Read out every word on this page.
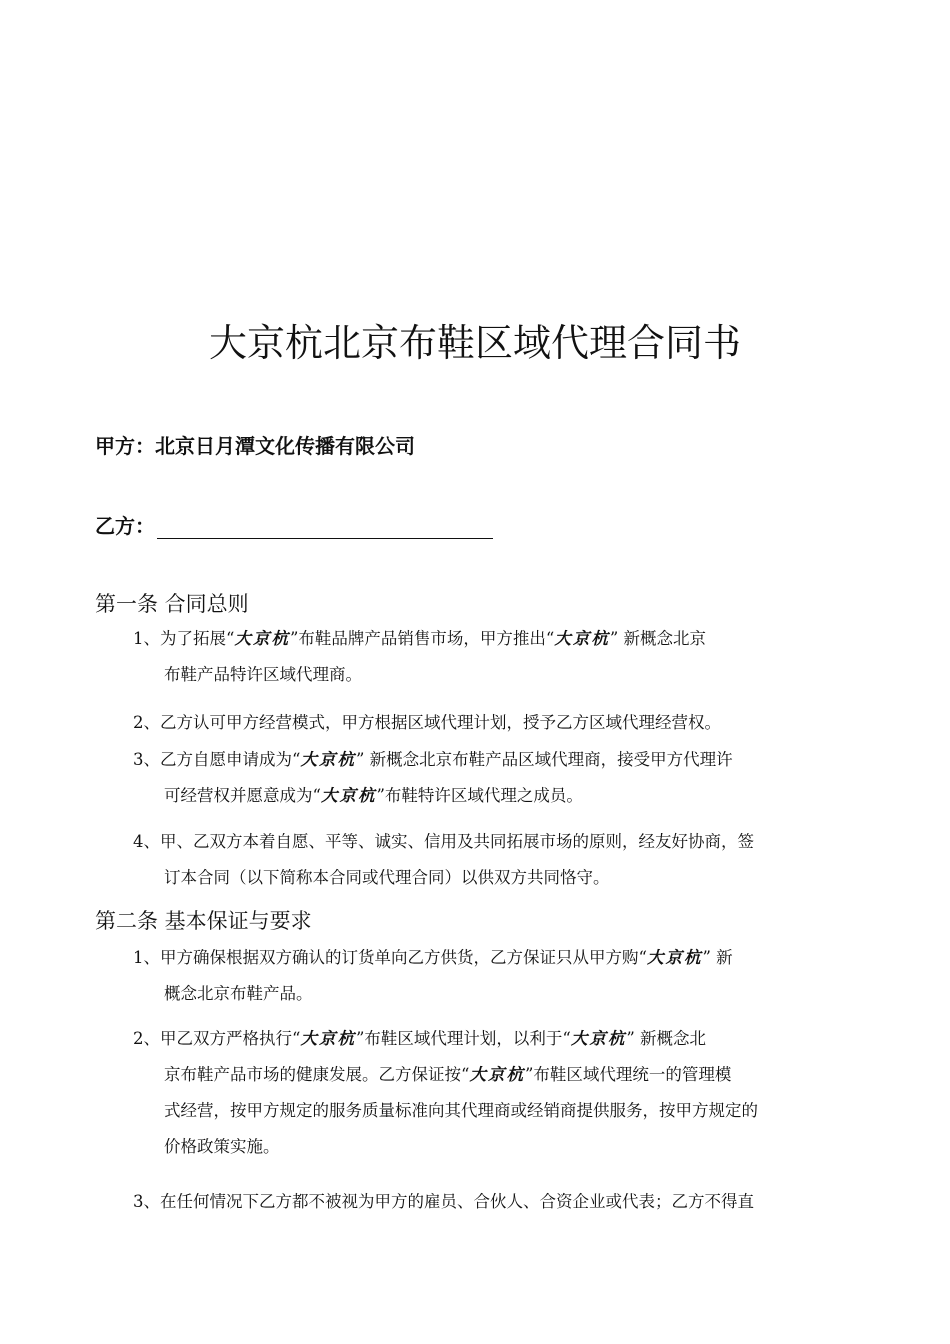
大京杭北京布鞋区域代理合同书
甲方：北京日月潭文化传播有限公司
乙方：
第一条 合同总则
1、为了拓展“大京杭”布鞋品牌产品销售市场，甲方推出“大京杭” 新概念北京
布鞋产品特许区域代理商。
2、乙方认可甲方经营模式，甲方根据区域代理计划，授予乙方区域代理经营权。
3、乙方自愿申请成为“大京杭” 新概念北京布鞋产品区域代理商，接受甲方代理许
可经营权并愿意成为“大京杭”布鞋特许区域代理之成员。
4、甲、乙双方本着自愿、平等、诚实、信用及共同拓展市场的原则，经友好协商，签
订本合同（以下简称本合同或代理合同）以供双方共同恪守。
第二条 基本保证与要求
1、甲方确保根据双方确认的订货单向乙方供货，乙方保证只从甲方购“大京杭” 新
概念北京布鞋产品。
2、甲乙双方严格执行“大京杭”布鞋区域代理计划，以利于“大京杭” 新概念北
京布鞋产品市场的健康发展。乙方保证按“大京杭”布鞋区域代理统一的管理模
式经营，按甲方规定的服务质量标准向其代理商或经销商提供服务，按甲方规定的
价格政策实施。
3、在任何情况下乙方都不被视为甲方的雇员、合伙人、合资企业或代表；乙方不得直
